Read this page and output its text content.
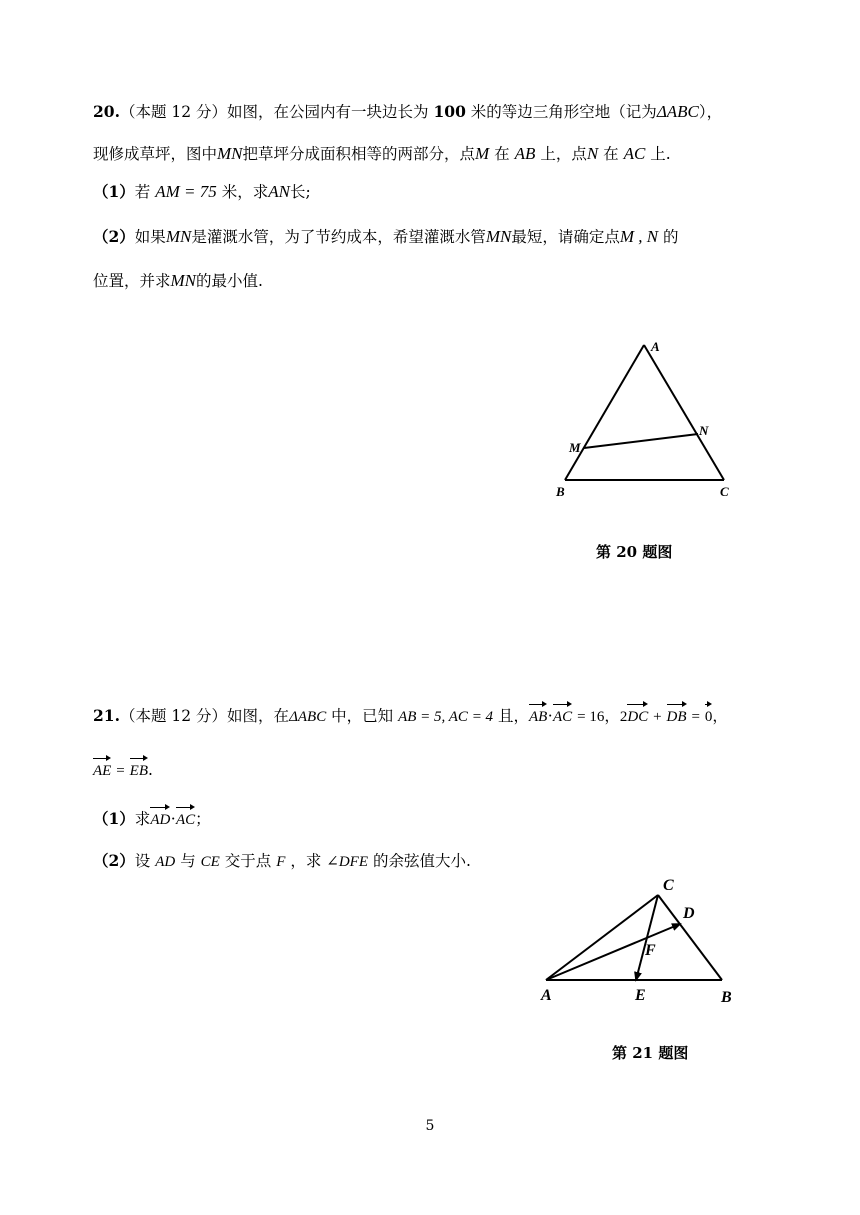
20.（本题 12 分）如图，在公园内有一块边长为 100 米的等边三角形空地（记为ΔABC），
现修成草坪，图中MN把草坪分成面积相等的两部分，点M 在 AB 上，点N 在 AC 上.
（1）若 AM = 75 米，求AN长;
（2）如果MN是灌溉水管，为了节约成本，希望灌溉水管MN最短，请确定点M , N 的
位置，并求MN的最小值.
A
B	C
M
N
第 20 题图
21.（本题 12 分）如图，在ΔABC 中，已知 AB = 5, AC = 4 且，AB·AC = 16，2DC + DB = 0，
AE = EB.
（1）求AD·AC；
（2）设 AD 与 CE 交于点 F ，求 ∠DFE 的余弦值大小.
A	B
C
D
E
F
第 21 题图
5
